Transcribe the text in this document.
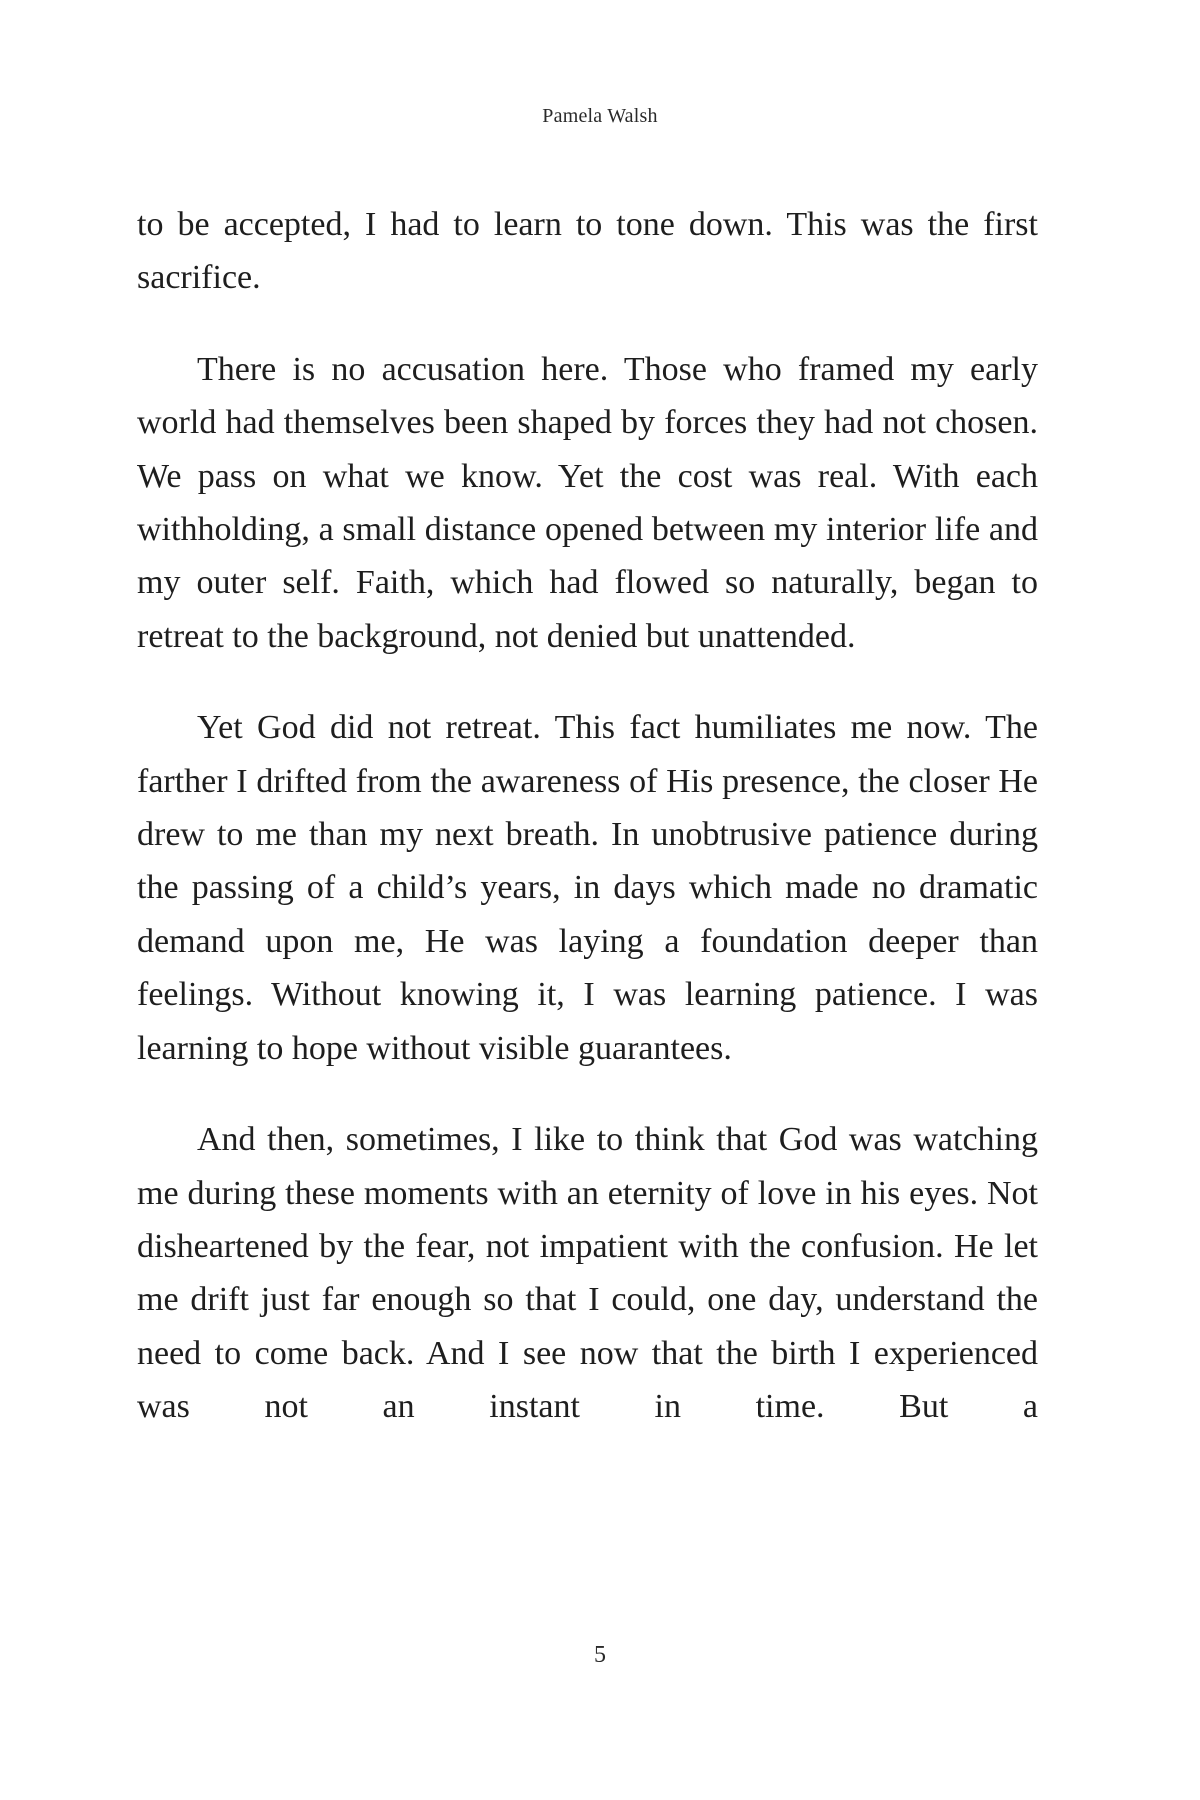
Pamela Walsh

to be accepted, I had to learn to tone down. This was the first sacrifice.

There is no accusation here. Those who framed my early world had themselves been shaped by forces they had not chosen. We pass on what we know. Yet the cost was real. With each withholding, a small distance opened between my interior life and my outer self. Faith, which had flowed so naturally, began to retreat to the background, not denied but unattended.

Yet God did not retreat. This fact humiliates me now. The farther I drifted from the awareness of His presence, the closer He drew to me than my next breath. In unobtrusive patience during the passing of a child’s years, in days which made no dramatic demand upon me, He was laying a foundation deeper than feelings. Without knowing it, I was learning patience. I was learning to hope without visible guarantees.

And then, sometimes, I like to think that God was watching me during these moments with an eternity of love in his eyes. Not disheartened by the fear, not impatient with the confusion. He let me drift just far enough so that I could, one day, understand the need to come back. And I see now that the birth I experienced was not an instant in time. But a

5
